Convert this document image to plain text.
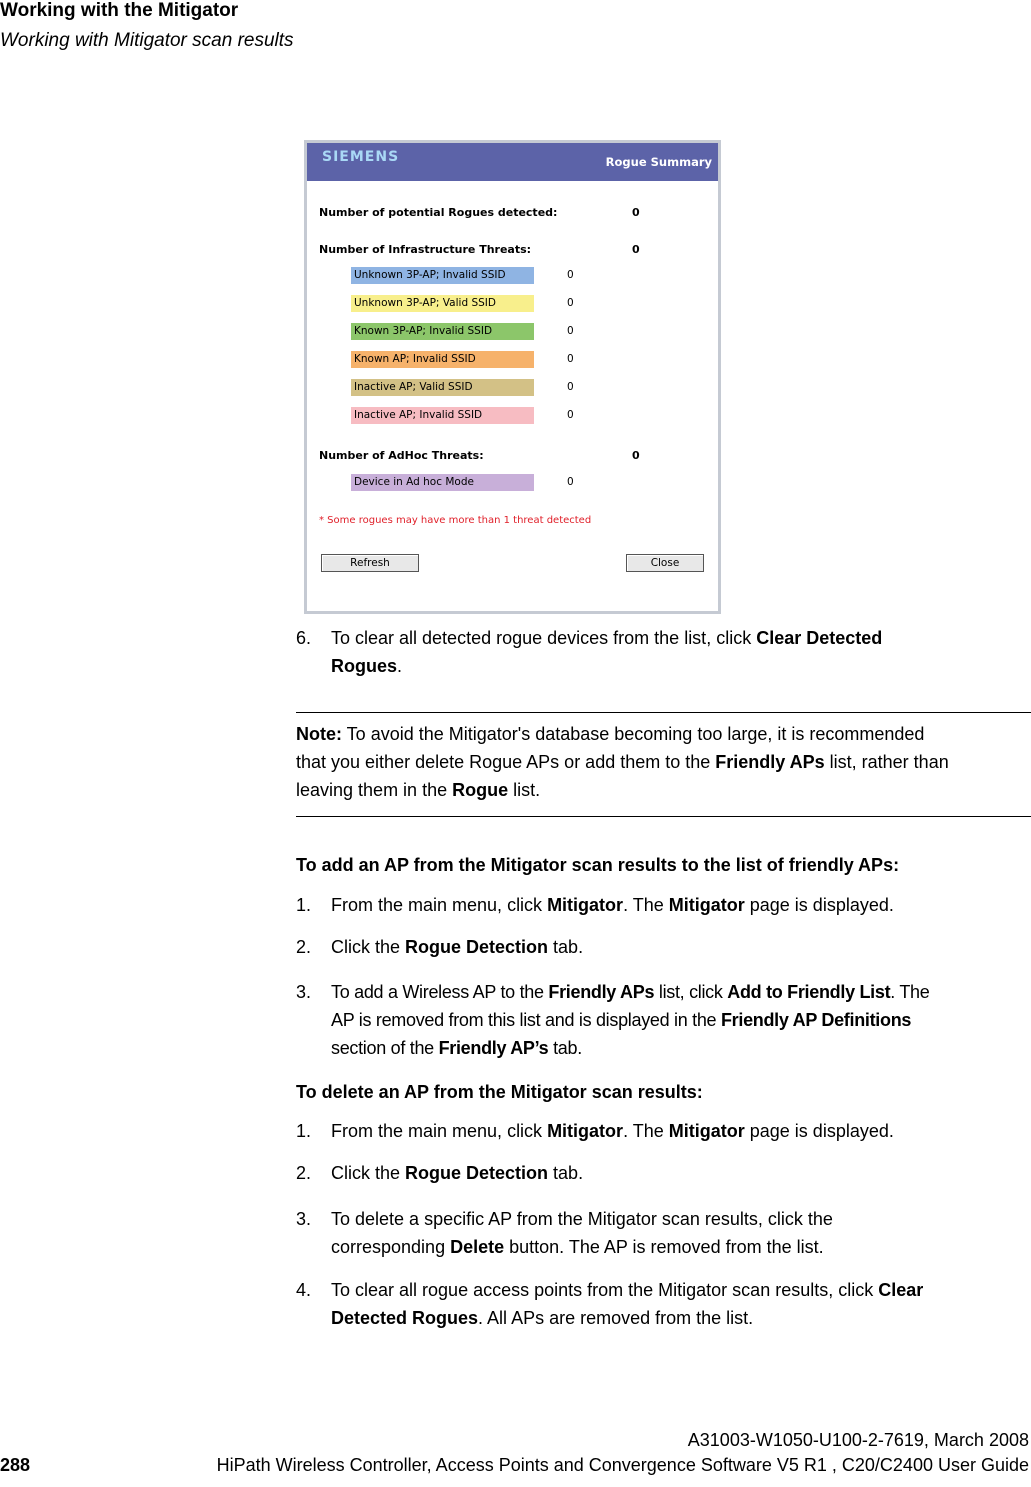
Working with the Mitigator
Working with Mitigator scan results
SIEMENS	Rogue Summary
Number of potential Rogues detected:	0
Number of Infrastructure Threats:	0
Unknown 3P-AP; Invalid SSID	0
Unknown 3P-AP; Valid SSID	0
Known 3P-AP; Invalid SSID	0
Known AP; Invalid SSID	0
Inactive AP; Valid SSID	0
Inactive AP; Invalid SSID	0
Number of AdHoc Threats:	0
Device in Ad hoc Mode	0
* Some rogues may have more than 1 threat detected
Refresh	Close
6. To clear all detected rogue devices from the list, click Clear Detected
Rogues.
Note: To avoid the Mitigator's database becoming too large, it is recommended
that you either delete Rogue APs or add them to the Friendly APs list, rather than
leaving them in the Rogue list.
To add an AP from the Mitigator scan results to the list of friendly APs:
1. From the main menu, click Mitigator. The Mitigator page is displayed.
2. Click the Rogue Detection tab.
3. To add a Wireless AP to the Friendly APs list, click Add to Friendly List. The
AP is removed from this list and is displayed in the Friendly AP Definitions
section of the Friendly AP’s tab.
To delete an AP from the Mitigator scan results:
1. From the main menu, click Mitigator. The Mitigator page is displayed.
2. Click the Rogue Detection tab.
3. To delete a specific AP from the Mitigator scan results, click the
corresponding Delete button. The AP is removed from the list.
4. To clear all rogue access points from the Mitigator scan results, click Clear
Detected Rogues. All APs are removed from the list.
A31003-W1050-U100-2-7619, March 2008
288	HiPath Wireless Controller, Access Points and Convergence Software V5 R1 , C20/C2400 User Guide
